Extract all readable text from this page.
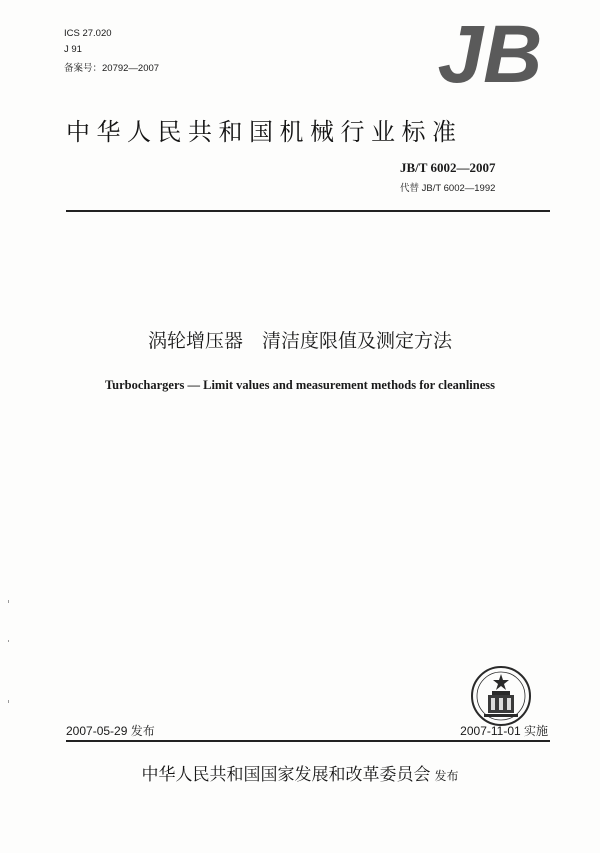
ICS 27.020
J 91
备案号：20792—2007	JB
中华人民共和国机械行业标准
JB/T 6002—2007
代替 JB/T 6002—1992
涡轮增压器　清洁度限值及测定方法
Turbochargers — Limit values and measurement methods for cleanliness
2007-05-29 发布	2007-11-01 实施
中华人民共和国国家发展和改革委员会 发布
